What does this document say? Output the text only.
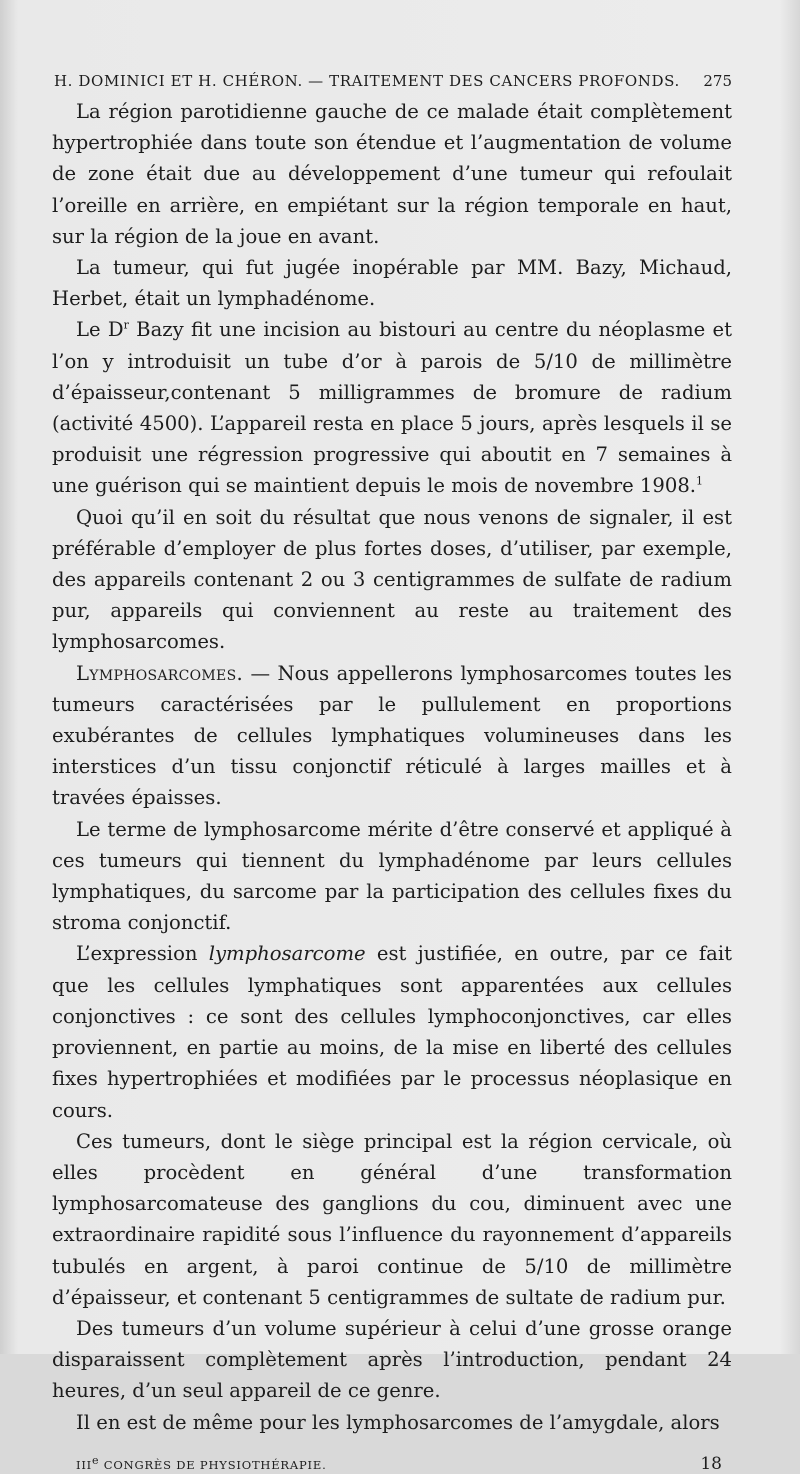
H. DOMINICI ET H. CHÉRON. — TRAITEMENT DES CANCERS PROFONDS. 275

La région parotidienne gauche de ce malade était complètement hypertrophiée dans toute son étendue et l’augmentation de volume de zone était due au développement d’une tumeur qui refoulait l’oreille en arrière, en empiétant sur la région temporale en haut, sur la région de la joue en avant.

La tumeur, qui fut jugée inopérable par MM. Bazy, Michaud, Herbet, était un lymphadénome.

Le $D^r$ Bazy fit une incision au bistouri au centre du néoplasme et l’on y introduisit un tube d’or à parois de 5/10 de millimètre d’épaisseur,contenant 5 milligrammes de bromure de radium (activité 4500). L’appareil resta en place 5 jours, après lesquels il se produisit une régression progressive qui aboutit en 7 semaines à une guérison qui se maintient depuis le mois de novembre 1908.$^1$

Quoi qu’il en soit du résultat que nous venons de signaler, il est préférable d’employer de plus fortes doses, d’utiliser, par exemple, des appareils contenant 2 ou 3 centigrammes de sulfate de radium pur, appareils qui conviennent au reste au traitement des lymphosarcomes.

Lymphosarcomes. — Nous appellerons lymphosarcomes toutes les tumeurs caractérisées par le pullulement en proportions exubérantes de cellules lymphatiques volumineuses dans les interstices d’un tissu conjonctif réticulé à larges mailles et à travées épaisses.

Le terme de lymphosarcome mérite d’être conservé et appliqué à ces tumeurs qui tiennent du lymphadénome par leurs cellules lymphatiques, du sarcome par la participation des cellules fixes du stroma conjonctif.

L’expression lymphosarcome est justifiée, en outre, par ce fait que les cellules lymphatiques sont apparentées aux cellules conjonctives : ce sont des cellules lymphoconjonctives, car elles proviennent, en partie au moins, de la mise en liberté des cellules fixes hypertrophiées et modifiées par le processus néoplasique en cours.

Ces tumeurs, dont le siège principal est la région cervicale, où elles procèdent en général d’une transformation lymphosarcomateuse des ganglions du cou, diminuent avec une extraordinaire rapidité sous l’influence du rayonnement d’appareils tubulés en argent, à paroi continue de 5/10 de millimètre d’épaisseur, et contenant 5 centigrammes de sultate de radium pur.

Des tumeurs d’un volume supérieur à celui d’une grosse orange disparaissent complètement après l’introduction, pendant 24 heures, d’un seul appareil de ce genre.

Il en est de même pour les lymphosarcomes de l’amygdale, alors

IIIe CONGRÈS DE PHYSIOTHÉRAPIE.	18
